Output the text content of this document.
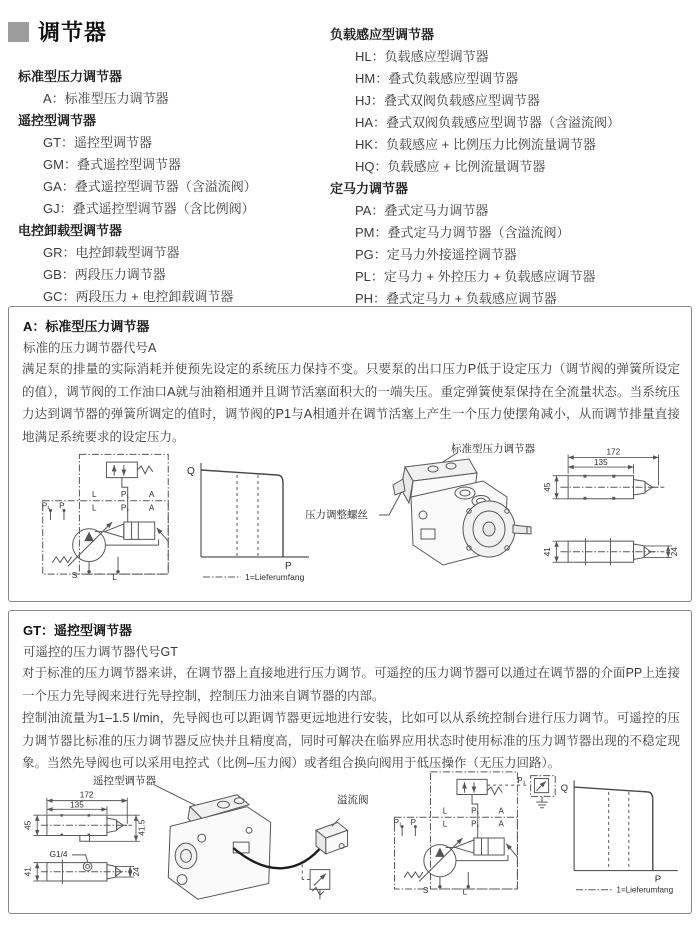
调节器
标准型压力调节器
A：标准型压力调节器
遥控型调节器
GT：遥控型调节器
GM：叠式遥控型调节器
GA：叠式遥控型调节器（含溢流阀）
GJ：叠式遥控型调节器（含比例阀）
电控卸载型调节器
GR：电控卸载型调节器
GB：两段压力调节器
GC：两段压力 + 电控卸载调节器
负载感应型调节器
HL：负载感应型调节器
HM：叠式负载感应型调节器
HJ：叠式双阀负载感应型调节器
HA：叠式双阀负载感应型调节器（含溢流阀）
HK：负载感应 + 比例压力比例流量调节器
HQ：负载感应 + 比例流量调节器
定马力调节器
PA：叠式定马力调节器
PM：叠式定马力调节器（含溢流阀）
PG：定马力外接遥控调节器
PL：定马力 + 外控压力 + 负载感应调节器
PH：叠式定马力 + 负载感应调节器
A：标准型压力调节器
标准的压力调节器代号A
满足泵的排量的实际消耗并使预先设定的系统压力保持不变。只要泵的出口压力P低于设定压力（调节阀的弹簧所设定的值），调节阀的工作油口A就与油箱相通并且调节活塞面积大的一端失压。重定弹簧使泵保持在全流量状态。当系统压力达到调节器的弹簧所调定的值时，调节阀的P1与A相通并在调节活塞上产生一个压力使摆角减小，从而调节排量直接地满足系统要求的设定压力。
P₁ P
L
L
P₁
P₁
A
A
S	L
Q
P
1=Lieferumfang
压力调整螺丝
标准型压力调节器	172
135
45
41	24
GT：遥控型调节器
可遥控的压力调节器代号GT
对于标准的压力调节器来讲，在调节器上直接地进行压力调节。可遥控的压力调节器可以通过在调节器的介面PP上连接一个压力先导阀来进行先导控制，控制压力油来自调节器的内部。
控制油流量为1–1.5 l/min，先导阀也可以距调节器更远地进行安装，比如可以从系统控制台进行压力调节。可遥控的压力调节器比标准的压力调节器反应快并且精度高，同时可解决在临界应用状态时使用标准的压力调节器出现的不稳定现象。当然先导阀也可以采用电控式（比例–压力阀）或者组合换向阀用于低压操作（无压力回路）。
遥控型调节器
溢流阀
172
135
45	41.5
G1/4
41	24
P₁ P
L
L
P₁
P₁
A
A
S	L
P₁
Q
P
1=Lieferumfang
